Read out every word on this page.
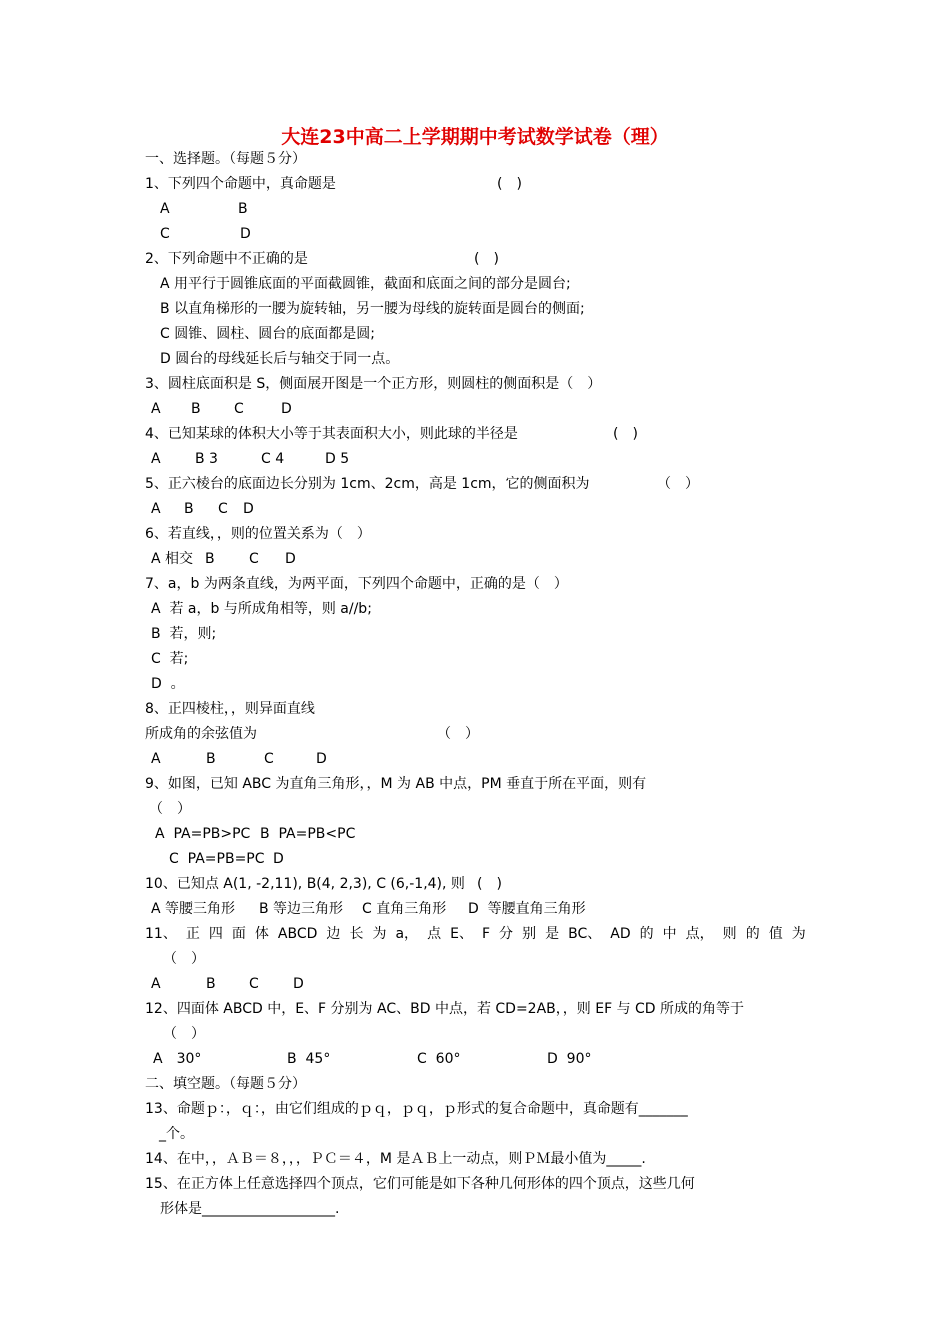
大连23中高二上学期期中考试数学试卷（理）
一、选择题。（每题５分）
1、下列四个命题中，真命题是	(　)
A	B
C	D
2、下列命题中不正确的是	(　)
A 用平行于圆锥底面的平面截圆锥，截面和底面之间的部分是圆台;
B 以直角梯形的一腰为旋转轴，另一腰为母线的旋转面是圆台的侧面;
C 圆锥、圆柱、圆台的底面都是圆;
D 圆台的母线延长后与轴交于同一点。
3、圆柱底面积是 S，侧面展开图是一个正方形，则圆柱的侧面积是（　）
A B C	D
4、已知某球的体积大小等于其表面积大小，则此球的半径是	(　)
A B 3	C 4	D 5
5、正六棱台的底面边长分别为 1cm、2cm，高是 1cm，它的侧面积为	（　）
A B C D
6、若直线，，则的位置关系为（　）
A 相交 B C D
7、a，b 为两条直线，为两平面，下列四个命题中，正确的是（　）
A  若 a，b 与所成角相等，则 a//b;
B  若，则;
C  若;
D  。
8、正四棱柱，，则异面直线
所成角的余弦值为	（　）
A	B	C	D
9、如图，已知 ABC 为直角三角形，，M 为 AB 中点，PM 垂直于所在平面，则有
（　）
A  PA=PB>PC B  PA=PB<PC
C  PA=PB=PC D
10、已知点 A(1, -2,11), B(4, 2,3), C (6,-1,4), 则 (　)
A 等腰三角形 B 等边三角形 C 直角三角形 D  等腰直角三角形
11、 正 四 面 体 ABCD 边 长 为 a， 点 E、 F 分 别 是 BC、 AD 的 中 点， 则 的 值 为
（　）
A	B C D
12、四面体 ABCD 中，E、F 分别为 AC、BD 中点，若 CD=2AB，，则 EF 与 CD 所成的角等于
（　）
A　30°	B  45°	C  60°	D  90°
二、填空题。（每题５分）
13、命题ｐ：，ｑ：，由它们组成的ｐｑ，ｐｑ，ｐ形式的复合命题中，真命题有_______
_个。
14、在中，，ＡＢ＝８，，，ＰＣ＝４，M 是ＡＢ上一动点，则ＰＭ最小值为_____.
15、在正方体上任意选择四个顶点，它们可能是如下各种几何形体的四个顶点，这些几何
形体是___________________.
